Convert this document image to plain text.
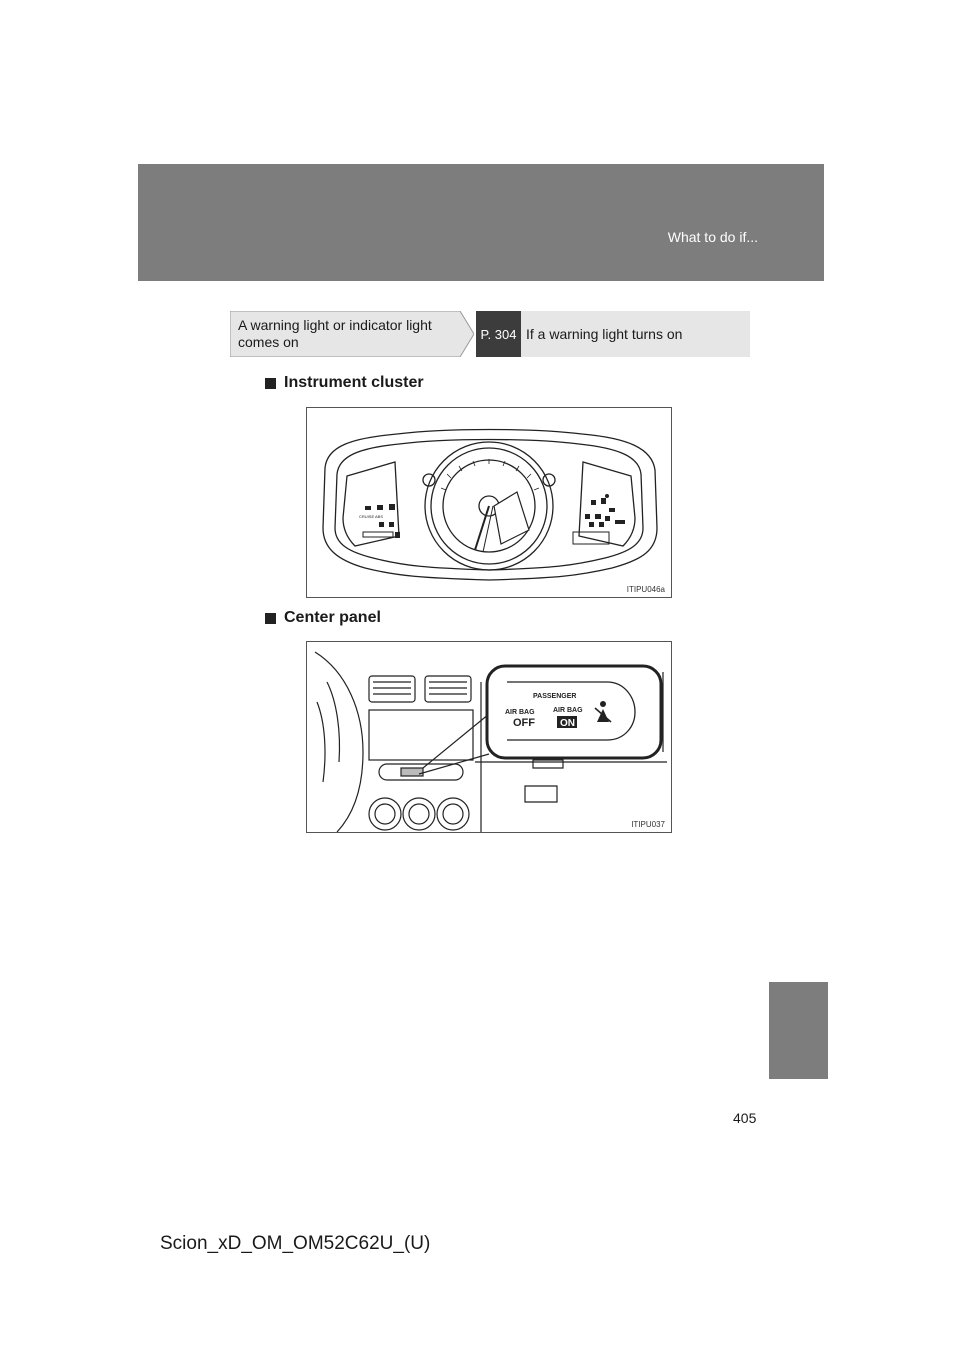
What to do if...
A warning light or indicator light comes on	P. 304 If a warning light turns on
Instrument cluster
CRUISE ABS
ITIPU046a
Center panel
PASSENGER
AIR BAG	AIR BAG
OFF	ON
ITIPU037
405
Scion_xD_OM_OM52C62U_(U)
